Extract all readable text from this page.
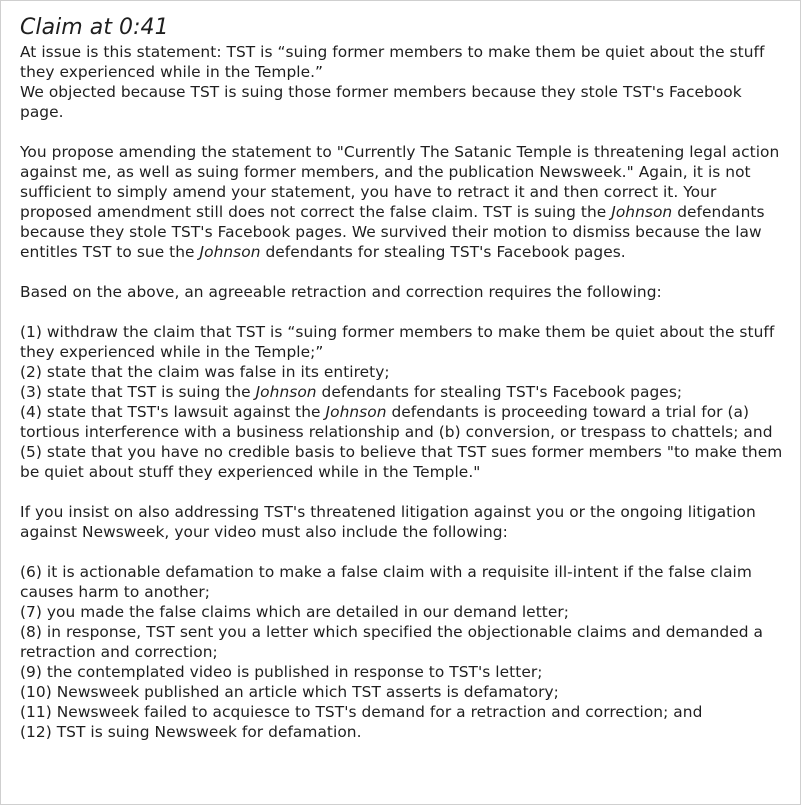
Claim at 0:41

At issue is this statement: TST is “suing former members to make them be quiet about the stuff they experienced while in the Temple.”
We objected because TST is suing those former members because they stole TST's Facebook page.

You propose amending the statement to "Currently The Satanic Temple is threatening legal action against me, as well as suing former members, and the publication Newsweek." Again, it is not sufficient to simply amend your statement, you have to retract it and then correct it. Your proposed amendment still does not correct the false claim. TST is suing the Johnson defendants because they stole TST's Facebook pages. We survived their motion to dismiss because the law entitles TST to sue the Johnson defendants for stealing TST's Facebook pages.

Based on the above, an agreeable retraction and correction requires the following:

(1) withdraw the claim that TST is “suing former members to make them be quiet about the stuff they experienced while in the Temple;”

(2) state that the claim was false in its entirety;

(3) state that TST is suing the Johnson defendants for stealing TST's Facebook pages;

(4) state that TST's lawsuit against the Johnson defendants is proceeding toward a trial for (a) tortious interference with a business relationship and (b) conversion, or trespass to chattels; and

(5) state that you have no credible basis to believe that TST sues former members "to make them be quiet about stuff they experienced while in the Temple."

If you insist on also addressing TST's threatened litigation against you or the ongoing litigation against Newsweek, your video must also include the following:

(6) it is actionable defamation to make a false claim with a requisite ill-intent if the false claim causes harm to another;

(7) you made the false claims which are detailed in our demand letter;

(8) in response, TST sent you a letter which specified the objectionable claims and demanded a retraction and correction;

(9) the contemplated video is published in response to TST's letter;

(10) Newsweek published an article which TST asserts is defamatory;

(11) Newsweek failed to acquiesce to TST's demand for a retraction and correction; and

(12) TST is suing Newsweek for defamation.
